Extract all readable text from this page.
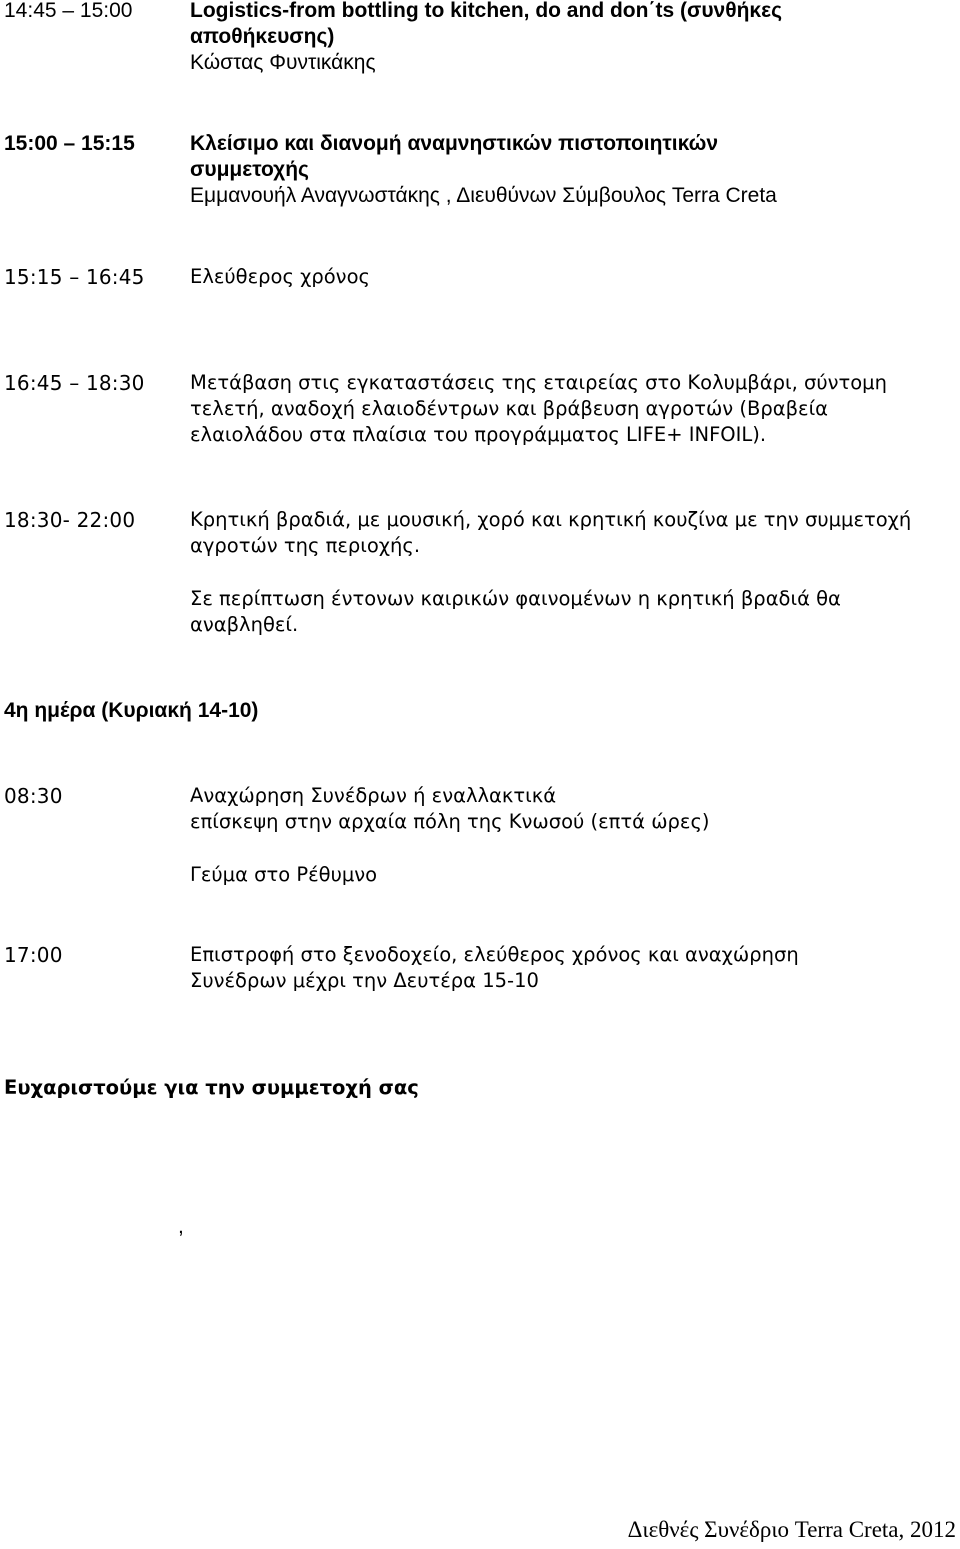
14:45 – 15:00	Logistics-from bottling to kitchen, do and don΄ts (συνθήκες
αποθήκευσης)
Κώστας Φυντικάκης
15:00 – 15:15	Κλείσιμο και διανομή αναμνηστικών πιστοποιητικών
συμμετοχής
Εμμανουήλ Αναγνωστάκης , Διευθύνων Σύμβουλος Terra Creta
15:15 – 16:45 Ελεύθερος χρόνος
16:45 – 18:30 Μετάβαση στις εγκαταστάσεις της εταιρείας στο Κολυμβάρι, σύντομη
τελετή, αναδοχή ελαιοδέντρων και βράβευση αγροτών (Βραβεία
ελαιολάδου στα πλαίσια του προγράμματος LIFE+ INFOIL).
18:30- 22:00	Κρητική βραδιά, με μουσική, χορό και κρητική κουζίνα με την συμμετοχή
αγροτών της περιοχής.
Σε περίπτωση έντονων καιρικών φαινομένων η κρητική βραδιά θα
αναβληθεί.
4η ημέρα (Κυριακή 14-10)
08:30	Αναχώρηση Συνέδρων ή εναλλακτικά
επίσκεψη στην αρχαία πόλη της Κνωσού (επτά ώρες)
Γεύμα στο Ρέθυμνο
17:00	Επιστροφή στο ξενοδοχείο, ελεύθερος χρόνος και αναχώρηση
Συνέδρων μέχρι την Δευτέρα 15-10
Ευχαριστούμε για την συμμετοχή σας
,
Διεθνές Συνέδριο Terra Creta, 2012
